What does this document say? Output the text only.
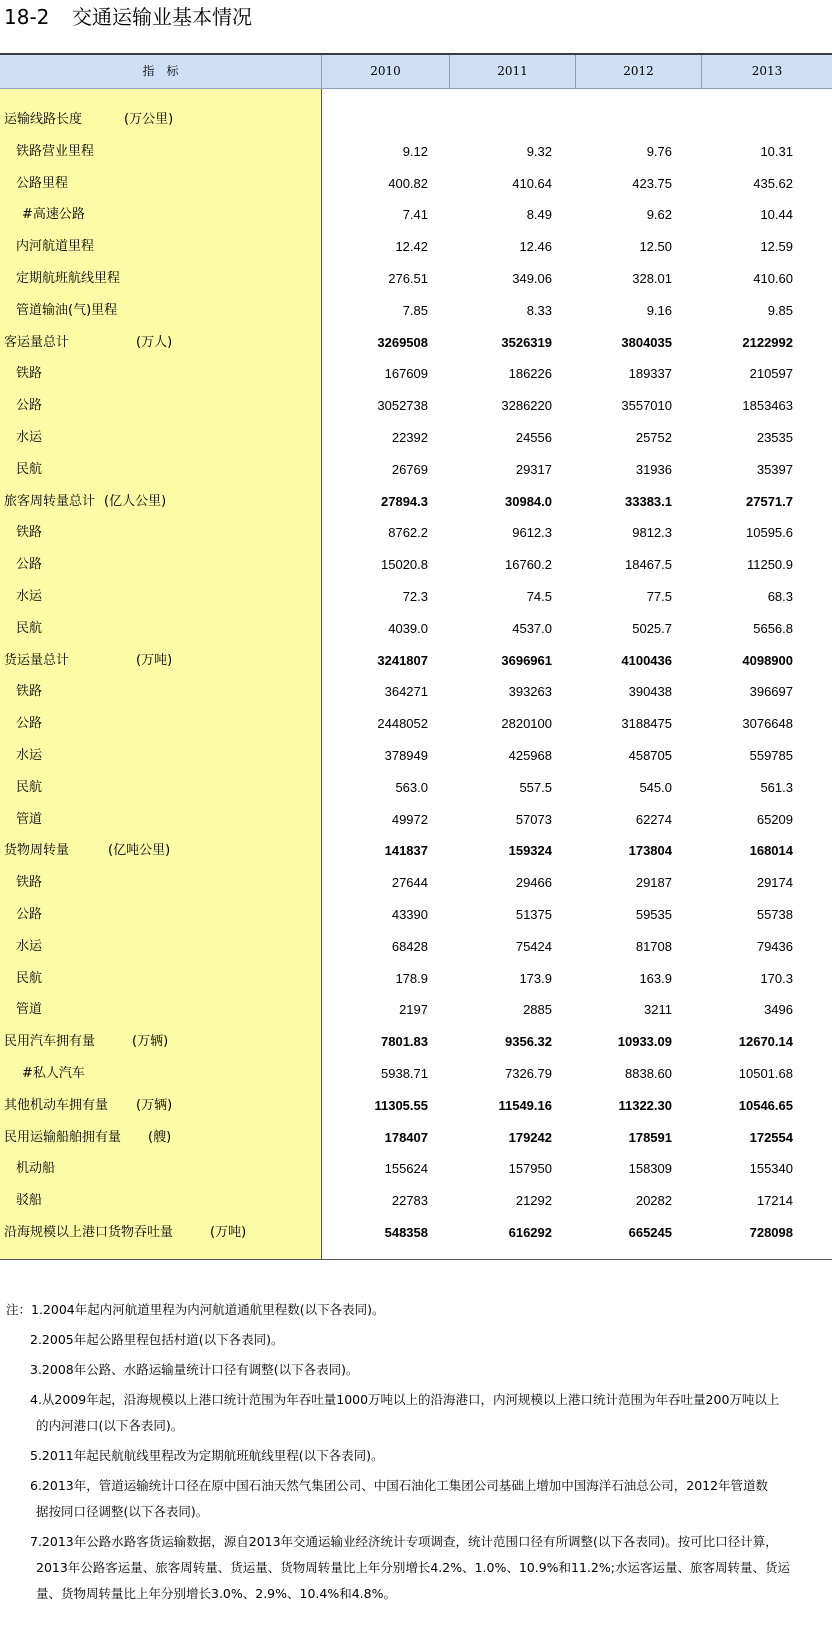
18-2 交通运输业基本情况
指　标	2010	2011	2012	2013
运输线路长度	(万公里)
铁路营业里程	9.12	9.32	9.76	10.31
公路里程	400.82	410.64	423.75	435.62
#高速公路	7.41	8.49	9.62	10.44
内河航道里程	12.42	12.46	12.50	12.59
定期航班航线里程	276.51	349.06	328.01	410.60
管道输油(气)里程	7.85	8.33	9.16	9.85
客运量总计	(万人)	3269508	3526319	3804035	2122992
铁路	167609	186226	189337	210597
公路	3052738	3286220	3557010	1853463
水运	22392	24556	25752	23535
民航	26769	29317	31936	35397
旅客周转量总计 (亿人公里)	27894.3	30984.0	33383.1	27571.7
铁路	8762.2	9612.3	9812.3	10595.6
公路	15020.8	16760.2	18467.5	11250.9
水运	72.3	74.5	77.5	68.3
民航	4039.0	4537.0	5025.7	5656.8
货运量总计	(万吨)	3241807	3696961	4100436	4098900
铁路	364271	393263	390438	396697
公路	2448052	2820100	3188475	3076648
水运	378949	425968	458705	559785
民航	563.0	557.5	545.0	561.3
管道	49972	57073	62274	65209
货物周转量	(亿吨公里)	141837	159324	173804	168014
铁路	27644	29466	29187	29174
公路	43390	51375	59535	55738
水运	68428	75424	81708	79436
民航	178.9	173.9	163.9	170.3
管道	2197	2885	3211	3496
民用汽车拥有量	(万辆)	7801.83	9356.32	10933.09	12670.14
#私人汽车	5938.71	7326.79	8838.60	10501.68
其他机动车拥有量 (万辆)	11305.55	11549.16	11322.30	10546.65
民用运输船舶拥有量 (艘)	178407	179242	178591	172554
机动船	155624	157950	158309	155340
驳船	22783	21292	20282	17214
沿海规模以上港口货物吞吐量	(万吨)	548358	616292	665245	728098
注：1.2004年起内河航道里程为内河航道通航里程数(以下各表同)。
2.2005年起公路里程包括村道(以下各表同)。
3.2008年公路、水路运输量统计口径有调整(以下各表同)。
4.从2009年起，沿海规模以上港口统计范围为年吞吐量1000万吨以上的沿海港口，内河规模以上港口统计范围为年吞吐量200万吨以上
的内河港口(以下各表同)。
5.2011年起民航航线里程改为定期航班航线里程(以下各表同)。
6.2013年，管道运输统计口径在原中国石油天然气集团公司、中国石油化工集团公司基础上增加中国海洋石油总公司，2012年管道数
据按同口径调整(以下各表同)。
7.2013年公路水路客货运输数据，源自2013年交通运输业经济统计专项调查，统计范围口径有所调整(以下各表同)。按可比口径计算，
2013年公路客运量、旅客周转量、货运量、货物周转量比上年分别增长4.2%、1.0%、10.9%和11.2%;水运客运量、旅客周转量、货运
量、货物周转量比上年分别增长3.0%、2.9%、10.4%和4.8%。
